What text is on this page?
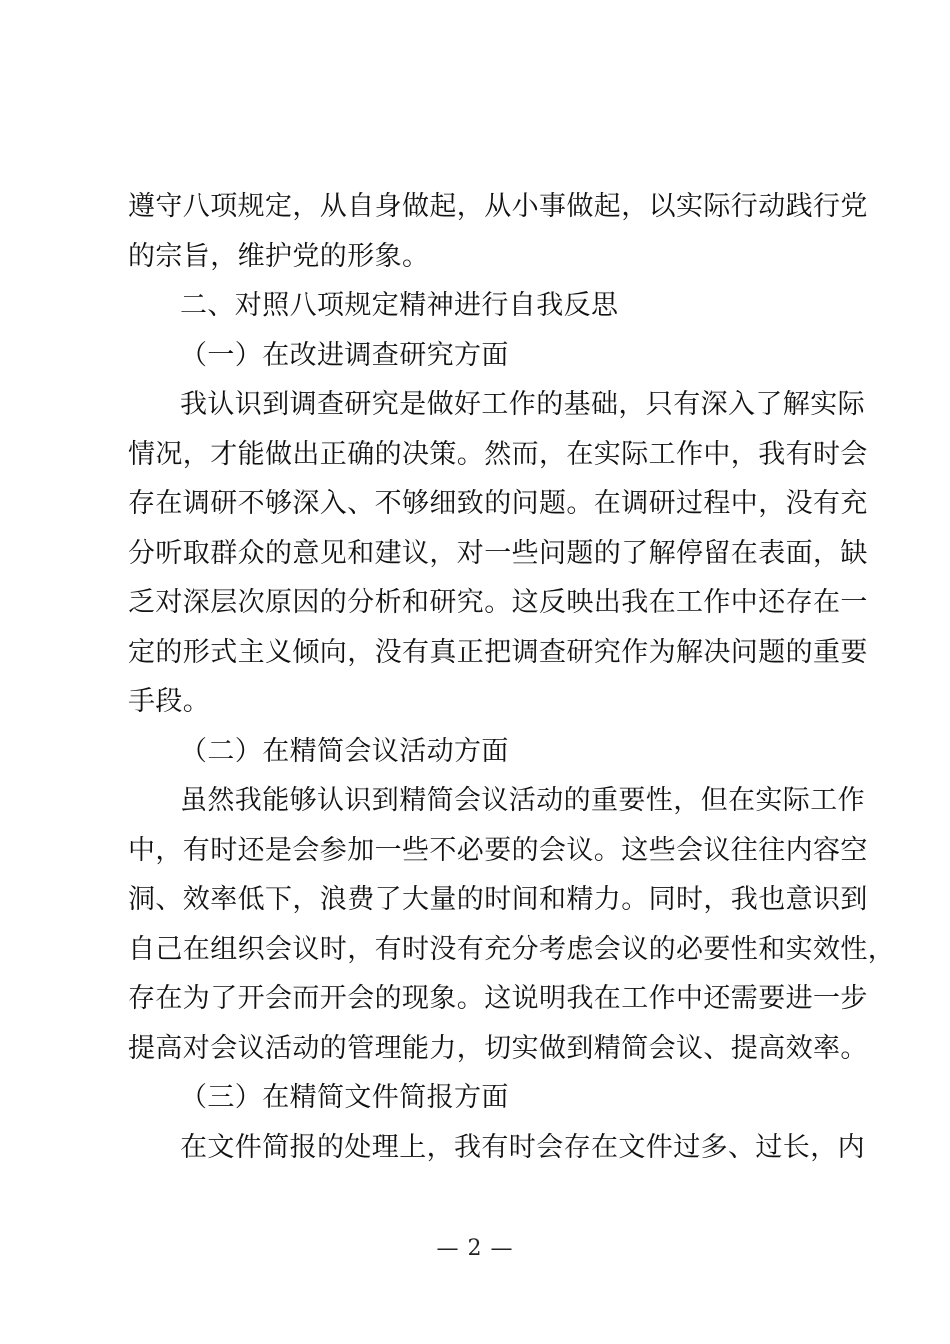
遵守八项规定，从自身做起，从小事做起，以实际行动践行党
的宗旨，维护党的形象。
二、对照八项规定精神进行自我反思
（一）在改进调查研究方面
我认识到调查研究是做好工作的基础，只有深入了解实际
情况，才能做出正确的决策。然而，在实际工作中，我有时会
存在调研不够深入、不够细致的问题。在调研过程中，没有充
分听取群众的意见和建议，对一些问题的了解停留在表面，缺
乏对深层次原因的分析和研究。这反映出我在工作中还存在一
定的形式主义倾向，没有真正把调查研究作为解决问题的重要
手段。
（二）在精简会议活动方面
虽然我能够认识到精简会议活动的重要性，但在实际工作
中，有时还是会参加一些不必要的会议。这些会议往往内容空
洞、效率低下，浪费了大量的时间和精力。同时，我也意识到
自己在组织会议时，有时没有充分考虑会议的必要性和实效性，
存在为了开会而开会的现象。这说明我在工作中还需要进一步
提高对会议活动的管理能力，切实做到精简会议、提高效率。
（三）在精简文件简报方面
在文件简报的处理上，我有时会存在文件过多、过长，内
— 2 —
